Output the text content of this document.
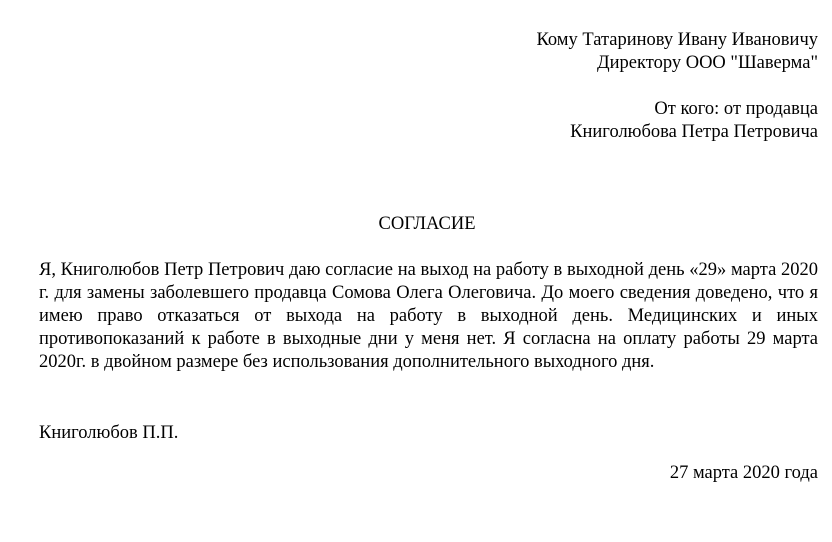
Кому Татаринову Ивану Ивановичу
Директору ООО "Шаверма"
От кого: от продавца
Книголюбова Петра Петровича
СОГЛАСИЕ

Я, Книголюбов Петр Петрович даю согласие на выход на работу в выходной день «29» марта 2020 г. для замены заболевшего продавца Сомова Олега Олеговича. До моего сведения доведено, что я имею право отказаться от выхода на работу в выходной день. Медицинских и иных противопоказаний к работе в выходные дни у меня нет. Я согласна на оплату работы 29 марта 2020г. в двойном размере без использования дополнительного выходного дня.

Книголюбов П.П.
27 марта 2020 года
